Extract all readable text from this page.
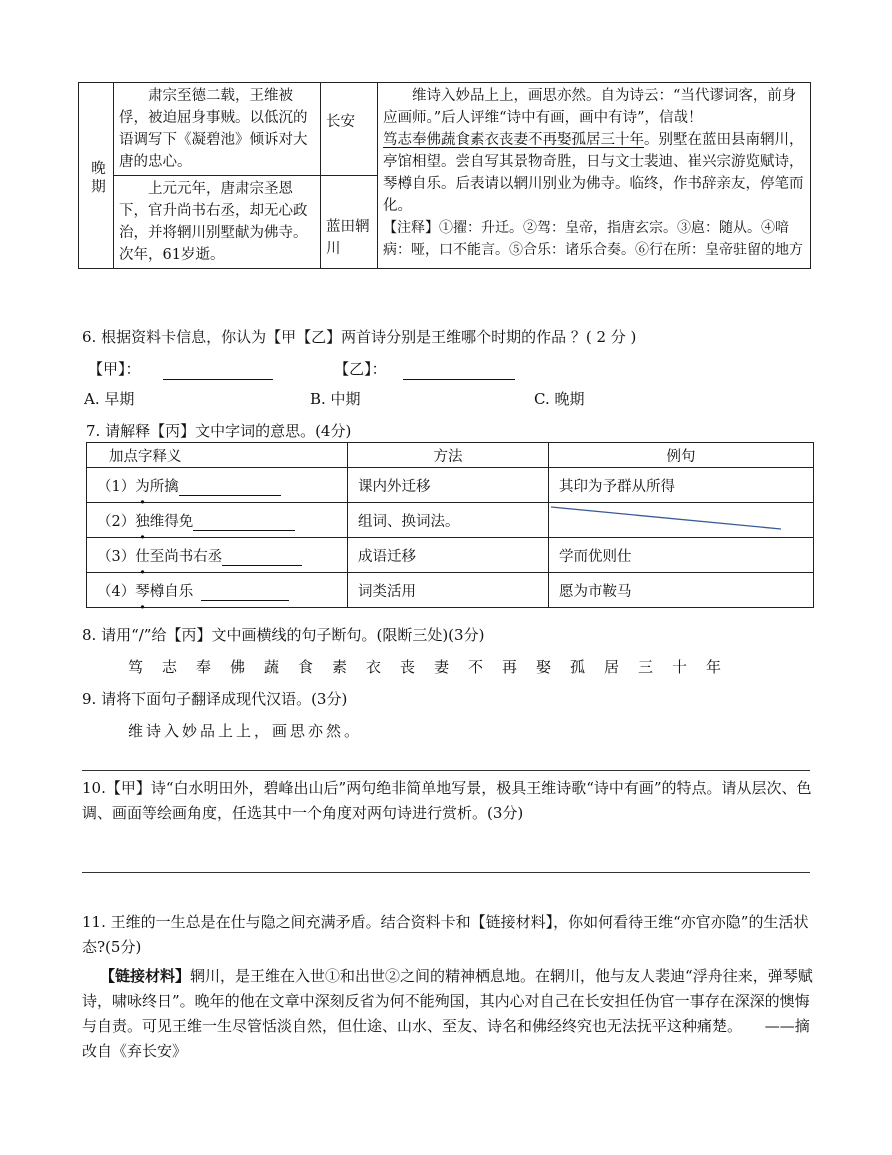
晚期	肃宗至德二载，王维被俘，被迫屈身事贼。以低沉的语调写下《凝碧池》倾诉对大唐的忠心。	长安	维诗入妙品上上，画思亦然。自为诗云：“当代谬词客，前身应画师。”后人评维“诗中有画，画中有诗”，信哉！
笃志奉佛蔬食素衣丧妻不再娶孤居三十年。别墅在蓝田县南辋川，亭馆相望。尝自写其景物奇胜，日与文士裴迪、崔兴宗游览赋诗，琴樽自乐。后表请以辋川别业为佛寺。临终，作书辞亲友，停笔而化。
【注释】①擢：升迁。②驾：皇帝，指唐玄宗。③扈：随从。④喑病：哑，口不能言。⑤合乐：诸乐合奏。⑥行在所：皇帝驻留的地方

	上元元年，唐肃宗圣恩下，官升尚书右丞，却无心政治，并将辋川别墅献为佛寺。次年，61岁逝。	蓝田辋川	
6. 根据资料卡信息，你认为【甲【乙】两首诗分别是王维哪个时期的作品 ？( 2 分 )
【甲】：	【乙】：
A. 早期	B. 中期	C. 晚期
7. 请解释【丙】文中字词的意思。(4分)
加点字释义	方法	例句
（1）为所擒	课内外迁移	其印为予群从所得
（2）独维得免	组词、换词法。	

（3）仕至尚书右丞	成语迁移	学而优则仕
（4）琴樽自乐	词类活用	愿为市鞍马
8. 请用“/”给【丙】文中画横线的句子断句。(限断三处)(3分)
笃志奉佛蔬食素衣丧妻不再娶孤居三十年
9. 请将下面句子翻译成现代汉语。(3分)
维诗入妙品上上，画思亦然。
10.【甲】诗“白水明田外，碧峰出山后”两句绝非简单地写景，极具王维诗歌“诗中有画”的特点。请从层次、色调、画面等绘画角度，任选其中一个角度对两句诗进行赏析。(3分)
11. 王维的一生总是在仕与隐之间充满矛盾。结合资料卡和【链接材料】，你如何看待王维“亦官亦隐”的生活状态?(5分)
【链接材料】辋川，是王维在入世①和出世②之间的精神栖息地。在辋川，他与友人裴迪“浮舟往来，弹琴赋诗，啸咏终日”。晚年的他在文章中深刻反省为何不能殉国，其内心对自己在长安担任伪官一事存在深深的懊悔与自责。可见王维一生尽管恬淡自然，但仕途、山水、至友、诗名和佛经终究也无法抚平这种痛楚。 ——摘改自《弃长安》
